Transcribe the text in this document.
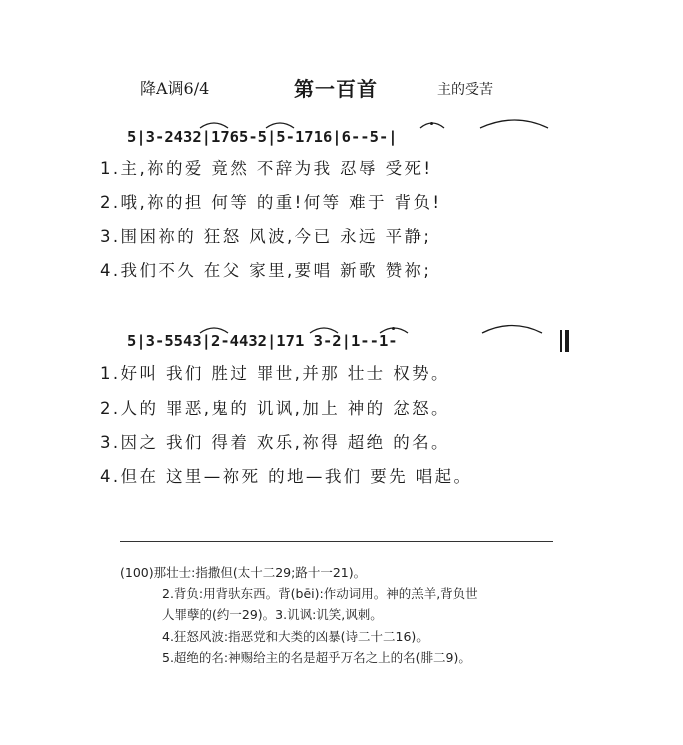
降A调6/4	第一百首	主的受苦
5|3-2432|1765-5|5-1716|6--5-|
1.主,祢的爱 竟然 不辞为我 忍辱 受死!
2.哦,祢的担 何等 的重!何等 难于 背负!
3.围困祢的 狂怒 风波,今已 永远 平静;
4.我们不久 在父 家里,要唱 新歌 赞祢;
5|3-5543|2-4432|171 3-2|1--1-
1.好叫 我们 胜过 罪世,并那 壮士 权势。
2.人的 罪恶,鬼的 讥讽,加上 神的 忿怒。
3.因之 我们 得着 欢乐,祢得 超绝 的名。
4.但在 这里—祢死 的地—我们 要先 唱起。
(100)那壮士:指撒但(太十二29;路十一21)。
2.背负:用背驮东西。背(bēi):作动词用。神的羔羊,背负世
人罪孽的(约一29)。3.讥讽:讥笑,讽刺。
4.狂怒风波:指恶党和大类的凶暴(诗二十二16)。
5.超绝的名:神赐给主的名是超乎万名之上的名(腓二9)。
